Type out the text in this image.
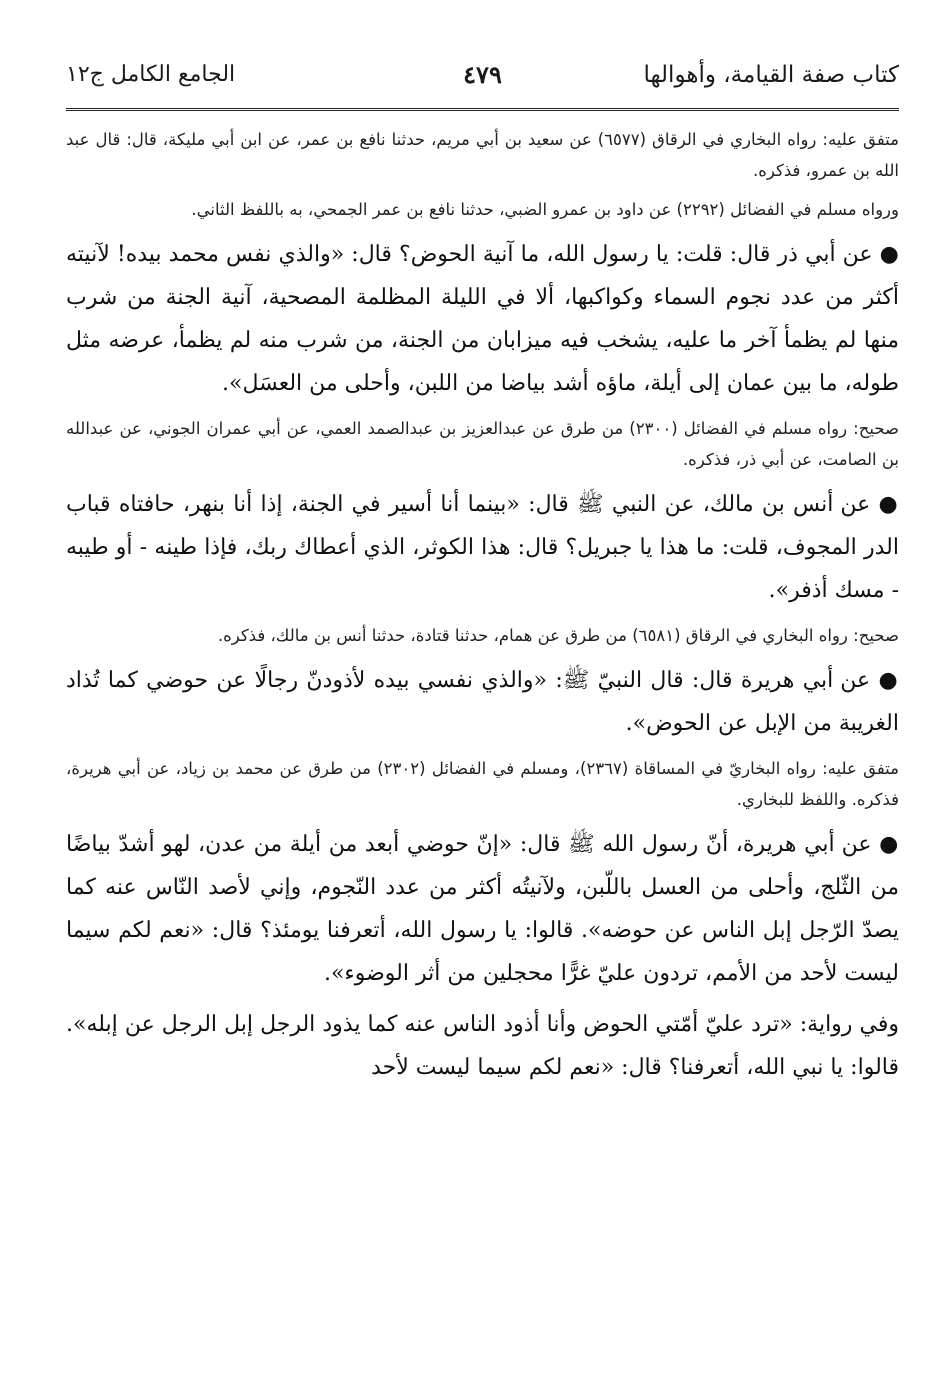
كتاب صفة القيامة، وأهوالها
٤٧٩
الجامع الكامل ج١٢

متفق عليه: رواه البخاري في الرقاق (٦٥٧٧) عن سعيد بن أبي مريم، حدثنا نافع بن عمر، عن ابن أبي مليكة، قال: قال عبد الله بن عمرو، فذكره.

ورواه مسلم في الفضائل (٢٢٩٢) عن داود بن عمرو الضبي، حدثنا نافع بن عمر الجمحي، به باللفظ الثاني.

● عن أبي ذر قال: قلت: يا رسول الله، ما آنية الحوض؟ قال: «والذي نفس محمد بيده! لآنيته أكثر من عدد نجوم السماء وكواكبها، ألا في الليلة المظلمة المصحية، آنية الجنة من شرب منها لم يظمأ آخر ما عليه، يشخب فيه ميزابان من الجنة، من شرب منه لم يظمأ، عرضه مثل طوله، ما بين عمان إلى أيلة، ماؤه أشد بياضا من اللبن، وأحلى من العسَل».

صحيح: رواه مسلم في الفضائل (٢٣٠٠) من طرق عن عبدالعزيز بن عبدالصمد العمي، عن أبي عمران الجوني، عن عبدالله بن الصامت، عن أبي ذر، فذكره.

● عن أنس بن مالك، عن النبي ﷺ قال: «بينما أنا أسير في الجنة، إذا أنا بنهر، حافتاه قباب الدر المجوف، قلت: ما هذا يا جبريل؟ قال: هذا الكوثر، الذي أعطاك ربك، فإذا طينه - أو طيبه - مسك أذفر».

صحيح: رواه البخاري في الرقاق (٦٥٨١) من طرق عن همام، حدثنا قتادة، حدثنا أنس بن مالك، فذكره.

● عن أبي هريرة قال: قال النبيّ ﷺ: «والذي نفسي بيده لأذودنّ رجالًا عن حوضي كما تُذاد الغريبة من الإبل عن الحوض».

متفق عليه: رواه البخاريّ في المساقاة (٢٣٦٧)، ومسلم في الفضائل (٢٣٠٢) من طرق عن محمد بن زياد، عن أبي هريرة، فذكره. واللفظ للبخاري.

● عن أبي هريرة، أنّ رسول الله ﷺ قال: «إنّ حوضي أبعد من أيلة من عدن، لهو أشدّ بياضًا من الثّلج، وأحلى من العسل باللّبن، ولآنيتُه أكثر من عدد النّجوم، وإني لأصد النّاس عنه كما يصدّ الرّجل إبل الناس عن حوضه». قالوا: يا رسول الله، أتعرفنا يومئذ؟ قال: «نعم لكم سيما ليست لأحد من الأمم، تردون عليّ غرًّا محجلين من أثر الوضوء».

وفي رواية: «ترد عليّ أمّتي الحوض وأنا أذود الناس عنه كما يذود الرجل إبل الرجل عن إبله». قالوا: يا نبي الله، أتعرفنا؟ قال: «نعم لكم سيما ليست لأحد
